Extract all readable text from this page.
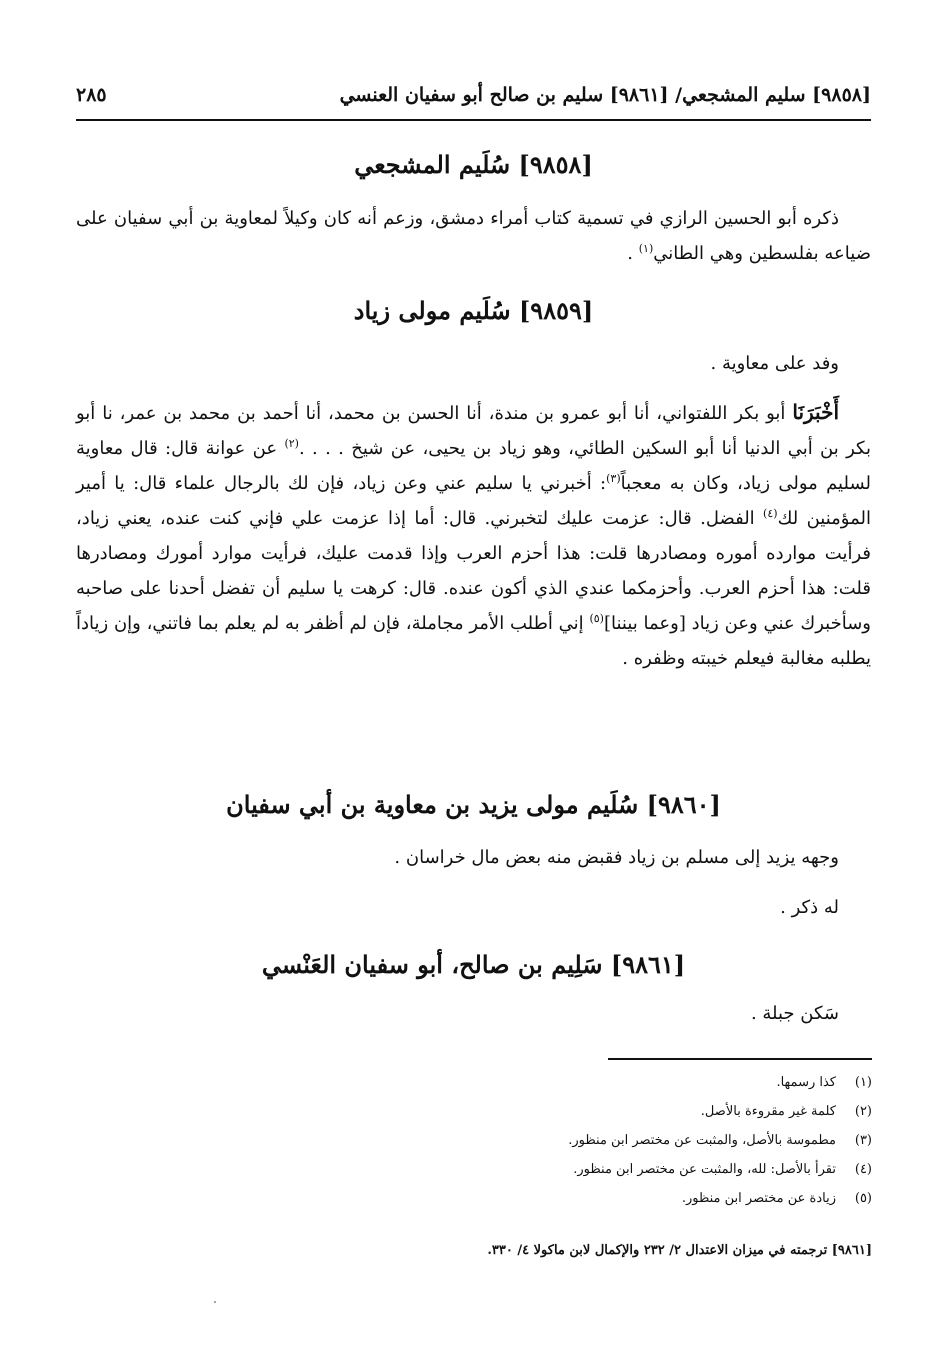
٢٨٥	[٩٨٥٨] سليم المشجعي/ [٩٨٦١] سليم بن صالح أبو سفيان العنسي
[٩٨٥٨] سُلَيم المشجعي

ذكره أبو الحسين الرازي في تسمية كتاب أمراء دمشق، وزعم أنه كان وكيلاً لمعاوية بن أبي سفيان على ضياعه بفلسطين وهي الطاني$^{(١)}$ .

[٩٨٥٩] سُلَيم مولى زياد
وفد على معاوية .

أَخْبَرَنَا أبو بكر اللفتواني، أنا أبو عمرو بن مندة، أنا الحسن بن محمد، أنا أحمد بن محمد بن عمر، نا أبو بكر بن أبي الدنيا أنا أبو السكين الطائي، وهو زياد بن يحيى، عن شيخ . . . .$^{(٢)}$ عن عوانة قال: قال معاوية لسليم مولى زياد، وكان به معجباً$^{(٣)}$: أخبرني يا سليم عني وعن زياد، فإن لك بالرجال علماء قال: يا أمير المؤمنين لك$^{(٤)}$ الفضل. قال: عزمت عليك لتخبرني. قال: أما إذا عزمت علي فإني كنت عنده، يعني زياد، فرأيت موارده أموره ومصادرها قلت: هذا أحزم العرب وإذا قدمت عليك، فرأيت موارد أمورك ومصادرها قلت: هذا أحزم العرب. وأحزمكما عندي الذي أكون عنده. قال: كرهت يا سليم أن تفضل أحدنا على صاحبه وسأخبرك عني وعن زياد [وعما بيننا]$^{(٥)}$ إني أطلب الأمر مجاملة، فإن لم أظفر به لم يعلم بما فاتني، وإن زياداً يطلبه مغالبة فيعلم خيبته وظفره .

[٩٨٦٠] سُلَيم مولى يزيد بن معاوية بن أبي سفيان
وجهه يزيد إلى مسلم بن زياد فقبض منه بعض مال خراسان .
له ذكر .
[٩٨٦١] سَلِيم بن صالح، أبو سفيان العَنْسي
سَكن جبلة .
(١)كذا رسمها.
(٢)كلمة غير مقروءة بالأصل.
(٣)مطموسة بالأصل، والمثبت عن مختصر ابن منظور.
(٤)تقرأ بالأصل: لله، والمثبت عن مختصر ابن منظور.
(٥)زيادة عن مختصر ابن منظور.
[٩٨٦١] ترجمته في ميزان الاعتدال ٢/ ٢٣٢ والإكمال لابن ماكولا ٤/ ٣٣٠.
